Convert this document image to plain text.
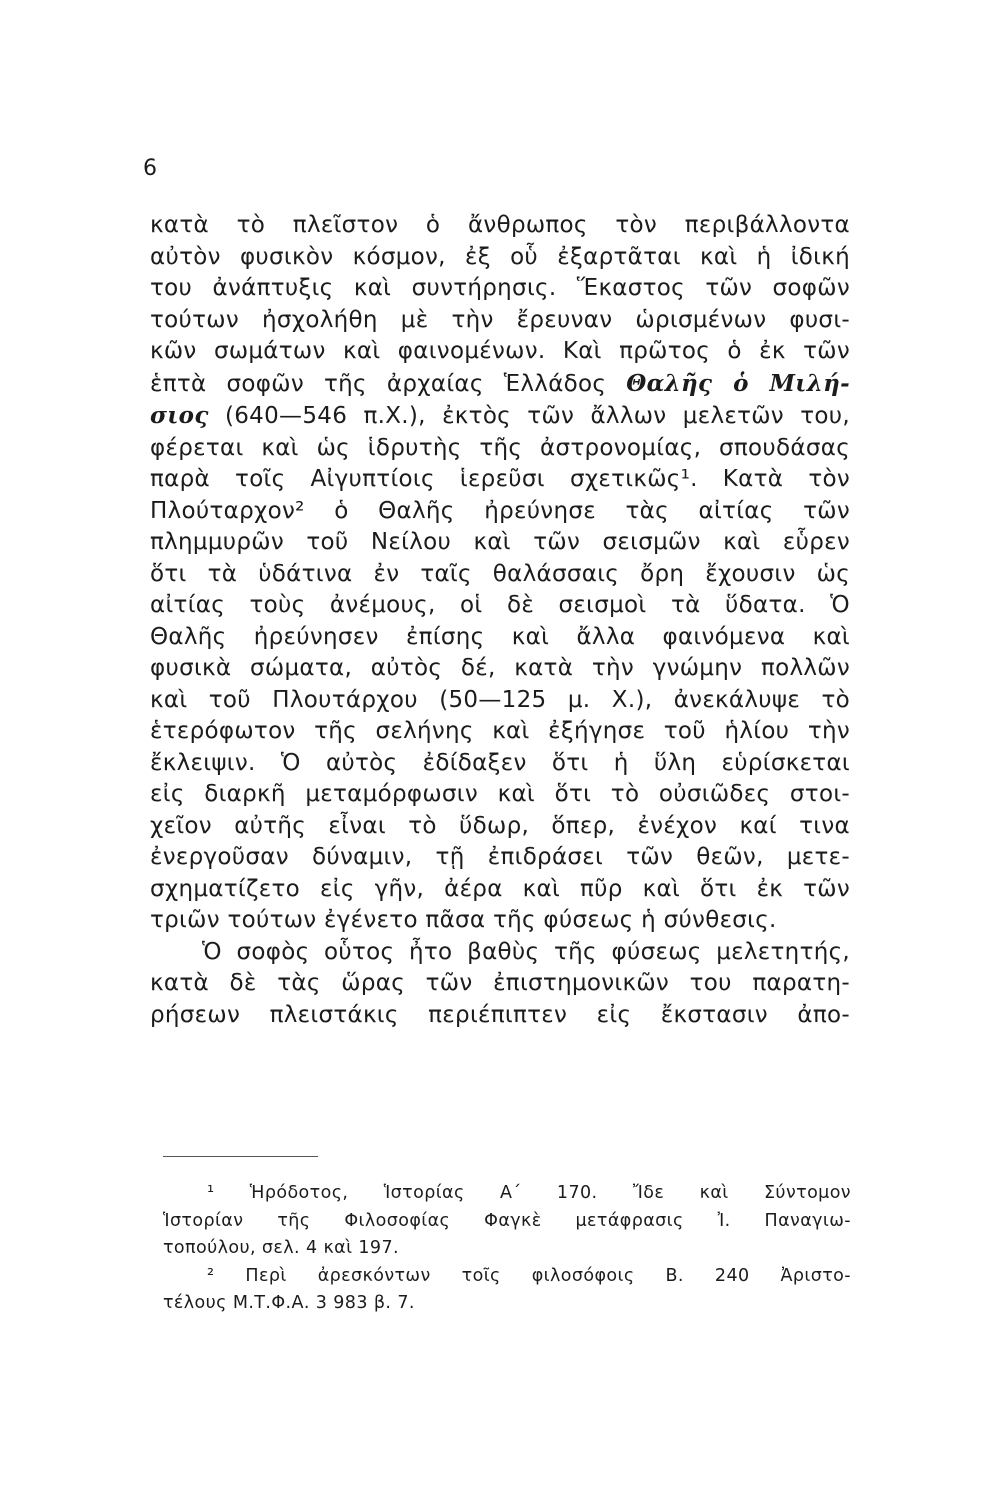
6
κατὰ τὸ πλεῖστον ὁ ἄνθρωπος τὸν περιβάλλοντα
αὐτὸν φυσικὸν κόσμον, ἐξ οὗ ἐξαρτᾶται καὶ ἡ ἰδική
του ἀνάπτυξις καὶ συντήρησις. Ἕκαστος τῶν σοφῶν
τούτων ἠσχολήθη μὲ τὴν ἔρευναν ὡρισμένων φυσι-
κῶν σωμάτων καὶ φαινομένων. Καὶ πρῶτος ὁ ἐκ τῶν
ἑπτὰ σοφῶν τῆς ἀρχαίας Ἑλλάδος Θαλῆς ὁ Μιλή-
σιος (640—546 π.Χ.), ἐκτὸς τῶν ἄλλων μελετῶν του,
φέρεται καὶ ὡς ἱδρυτὴς τῆς ἀστρονομίας, σπουδάσας
παρὰ τοῖς Αἰγυπτίοις ἱερεῦσι σχετικῶς¹. Κατὰ τὸν
Πλούταρχον² ὁ Θαλῆς ἠρεύνησε τὰς αἰτίας τῶν
πλημμυρῶν τοῦ Νείλου καὶ τῶν σεισμῶν καὶ εὗρεν
ὅτι τὰ ὑδάτινα ἐν ταῖς θαλάσσαις ὄρη ἔχουσιν ὡς
αἰτίας τοὺς ἀνέμους, οἱ δὲ σεισμοὶ τὰ ὕδατα. Ὁ
Θαλῆς ἠρεύνησεν ἐπίσης καὶ ἄλλα φαινόμενα καὶ
φυσικὰ σώματα, αὐτὸς δέ, κατὰ τὴν γνώμην πολλῶν
καὶ τοῦ Πλουτάρχου (50—125 μ. Χ.), ἀνεκάλυψε τὸ
ἑτερόφωτον τῆς σελήνης καὶ ἐξήγησε τοῦ ἡλίου τὴν
ἔκλειψιν. Ὁ αὐτὸς ἐδίδαξεν ὅτι ἡ ὕλη εὑρίσκεται
εἰς διαρκῆ μεταμόρφωσιν καὶ ὅτι τὸ οὐσιῶδες στοι-
χεῖον αὐτῆς εἶναι τὸ ὕδωρ, ὅπερ, ἐνέχον καί τινα
ἐνεργοῦσαν δύναμιν, τῇ ἐπιδράσει τῶν θεῶν, μετε-
σχηματίζετο εἰς γῆν, ἀέρα καὶ πῦρ καὶ ὅτι ἐκ τῶν
τριῶν τούτων ἐγένετο πᾶσα τῆς φύσεως ἡ σύνθεσις.
Ὁ σοφὸς οὗτος ἦτο βαθὺς τῆς φύσεως μελετητής,
κατὰ δὲ τὰς ὥρας τῶν ἐπιστημονικῶν του παρατη-
ρήσεων πλειστάκις περιέπιπτεν εἰς ἔκστασιν ἀπο-
¹ Ἡρόδοτος, Ἱστορίας Α΄ 170. Ἴδε καὶ Σύντομον
Ἱστορίαν τῆς Φιλοσοφίας Φαγκὲ μετάφρασις Ἰ. Παναγιω-
τοπούλου, σελ. 4 καὶ 197.
² Περὶ ἀρεσκόντων τοῖς φιλοσόφοις Β. 240 Ἀριστο-
τέλους Μ.Τ.Φ.Α. 3 983 β. 7.
